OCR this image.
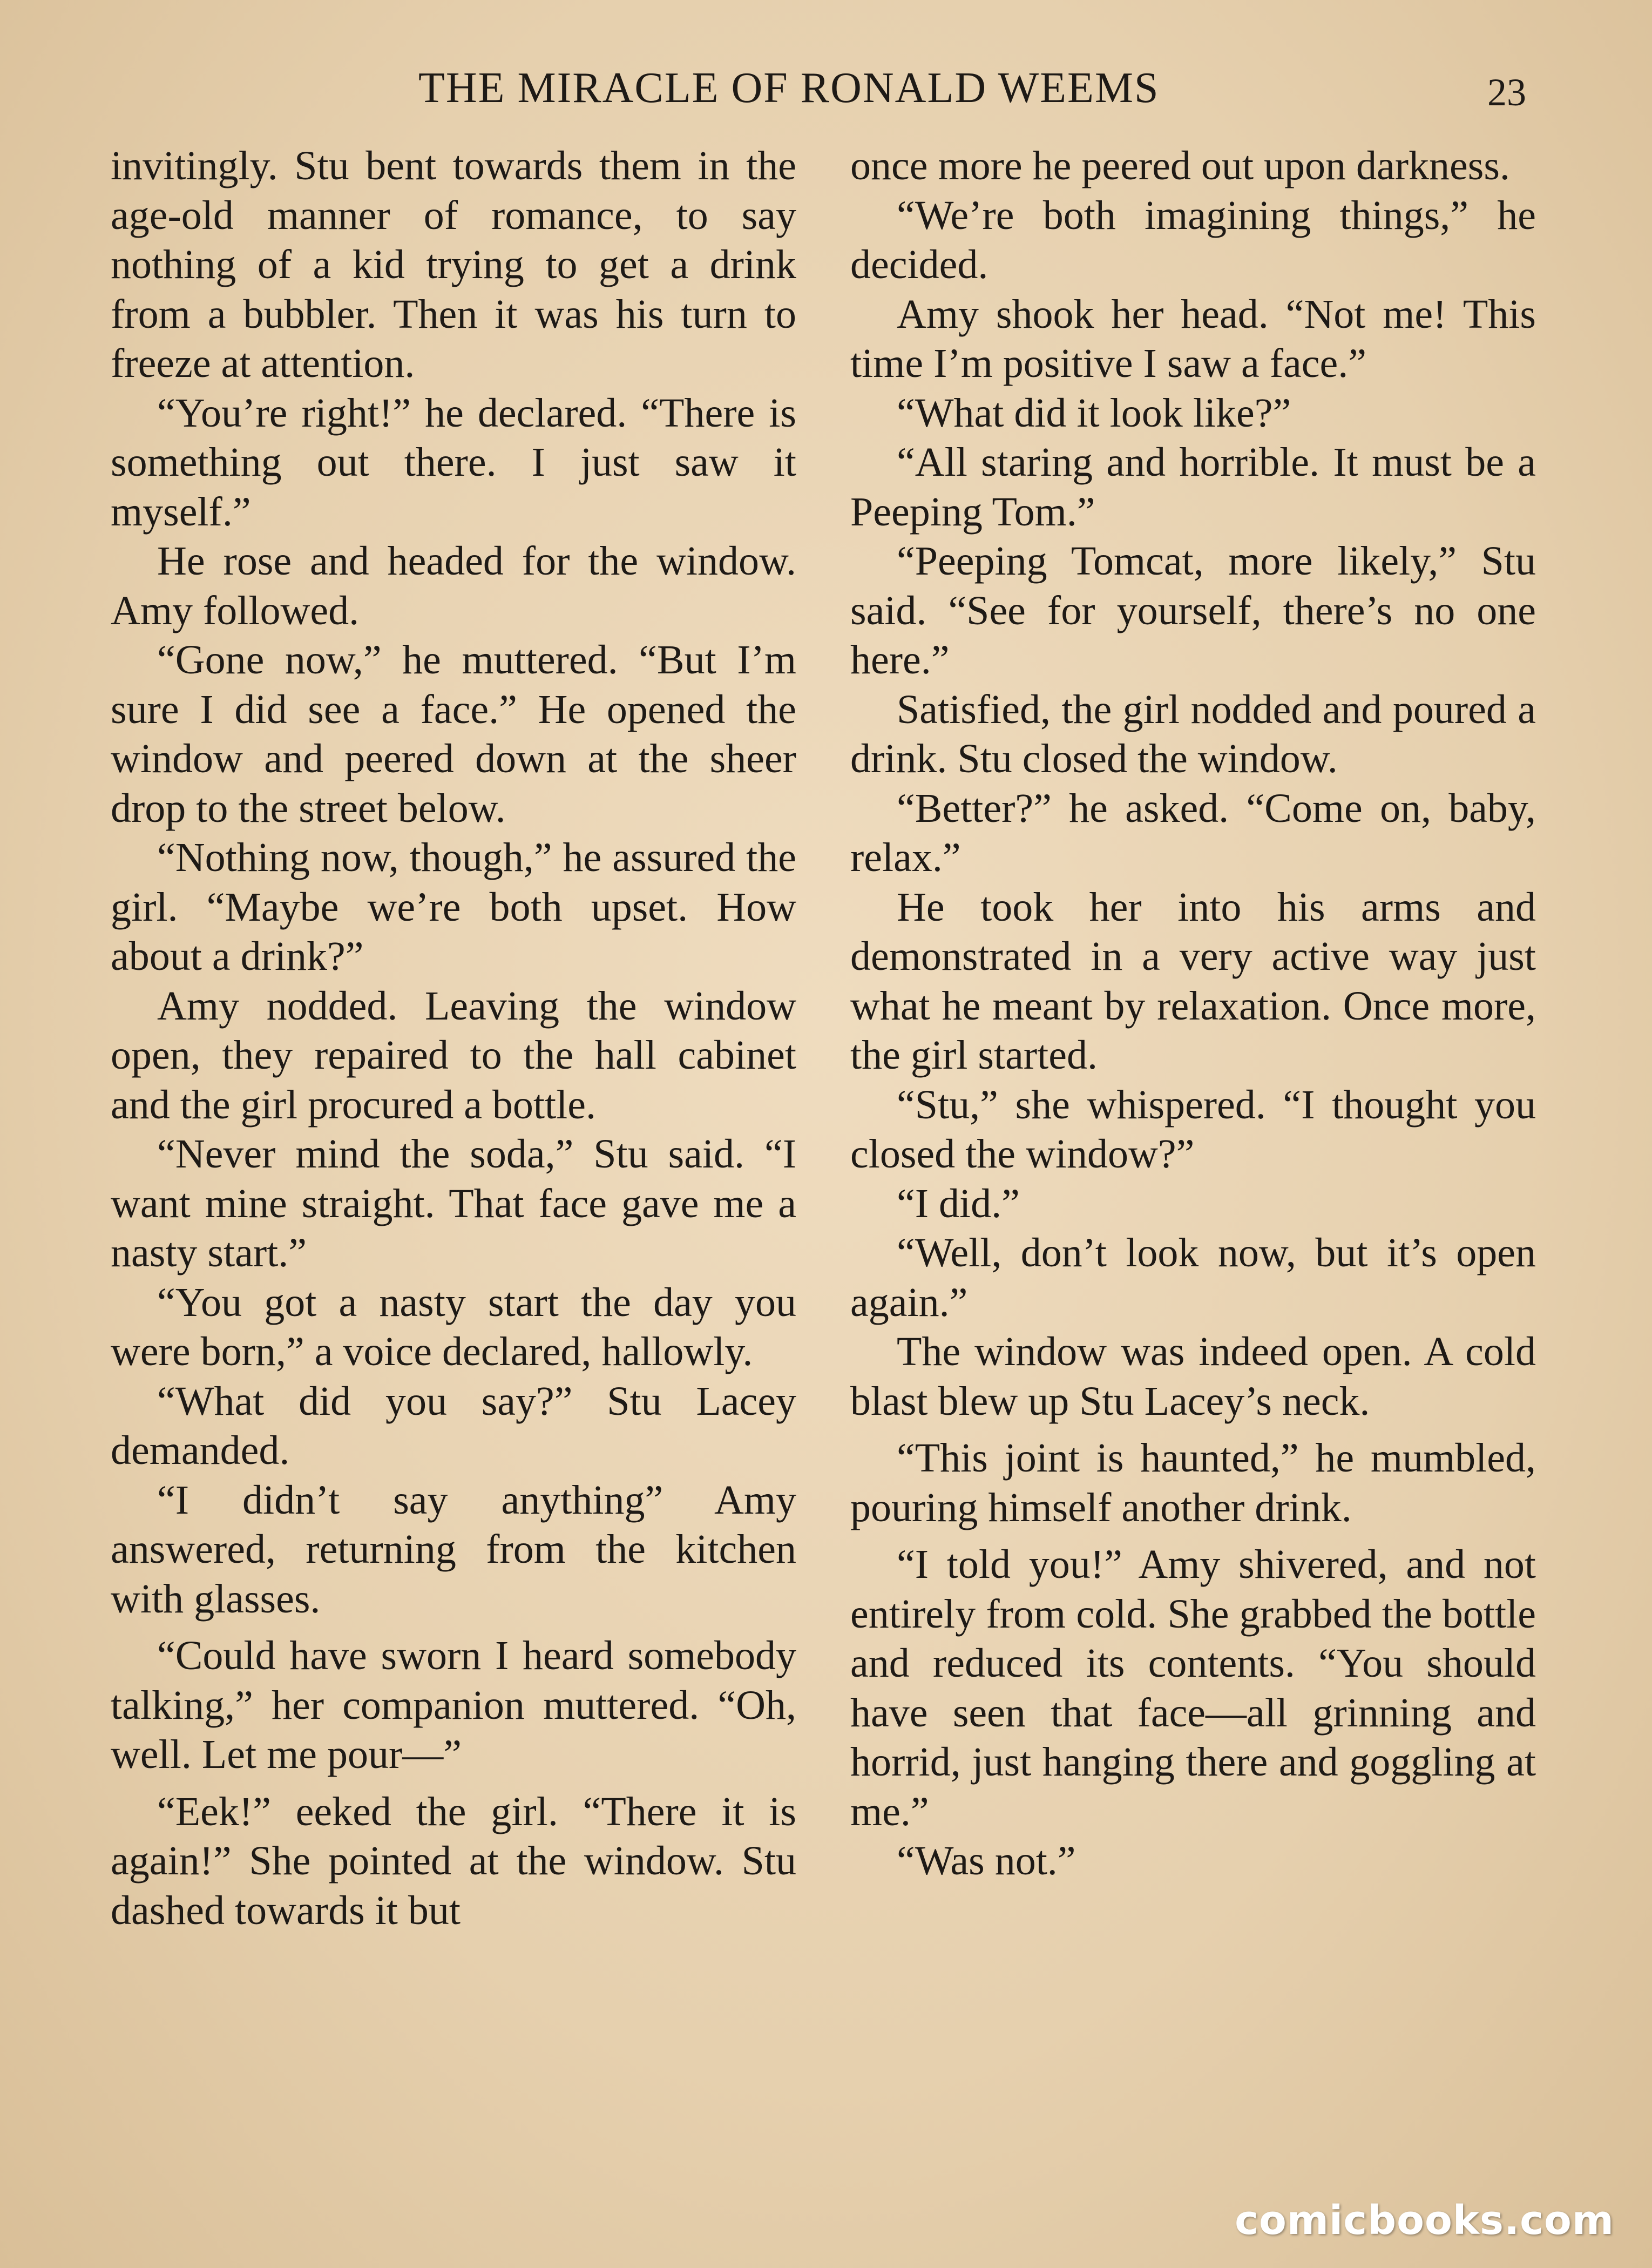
THE MIRACLE OF RONALD WEEMS	23

invitingly. Stu bent towards them in the age-old manner of romance, to say nothing of a kid trying to get a drink from a bubbler. Then it was his turn to freeze at attention.

“You’re right!” he declared. “There is something out there. I just saw it myself.”

He rose and headed for the window. Amy followed.

“Gone now,” he muttered. “But I’m sure I did see a face.” He opened the window and peered down at the sheer drop to the street below.

“Nothing now, though,” he assured the girl. “Maybe we’re both upset. How about a drink?”

Amy nodded. Leaving the window open, they repaired to the hall cabinet and the girl procured a bottle.

“Never mind the soda,” Stu said. “I want mine straight. That face gave me a nasty start.”

“You got a nasty start the day you were born,” a voice declared, hallowly.

“What did you say?” Stu Lacey demanded.

“I didn’t say anything” Amy answered, returning from the kitchen with glasses.

“Could have sworn I heard somebody talking,” her companion muttered. “Oh, well. Let me pour—”

“Eek!” eeked the girl. “There it is again!” She pointed at the window. Stu dashed towards it but

once more he peered out upon darkness.

“We’re both imagining things,” he decided.

Amy shook her head. “Not me! This time I’m positive I saw a face.”

“What did it look like?”

“All staring and horrible. It must be a Peeping Tom.”

“Peeping Tomcat, more likely,” Stu said. “See for yourself, there’s no one here.”

Satisfied, the girl nodded and poured a drink. Stu closed the window.

“Better?” he asked. “Come on, baby, relax.”

He took her into his arms and demonstrated in a very active way just what he meant by relaxation. Once more, the girl started.

“Stu,” she whispered. “I thought you closed the window?”

“I did.”

“Well, don’t look now, but it’s open again.”

The window was indeed open. A cold blast blew up Stu Lacey’s neck.

“This joint is haunted,” he mumbled, pouring himself another drink.

“I told you!” Amy shivered, and not entirely from cold. She grabbed the bottle and reduced its contents. “You should have seen that face—all grinning and horrid, just hanging there and goggling at me.”

“Was not.”

comicbooks.com
